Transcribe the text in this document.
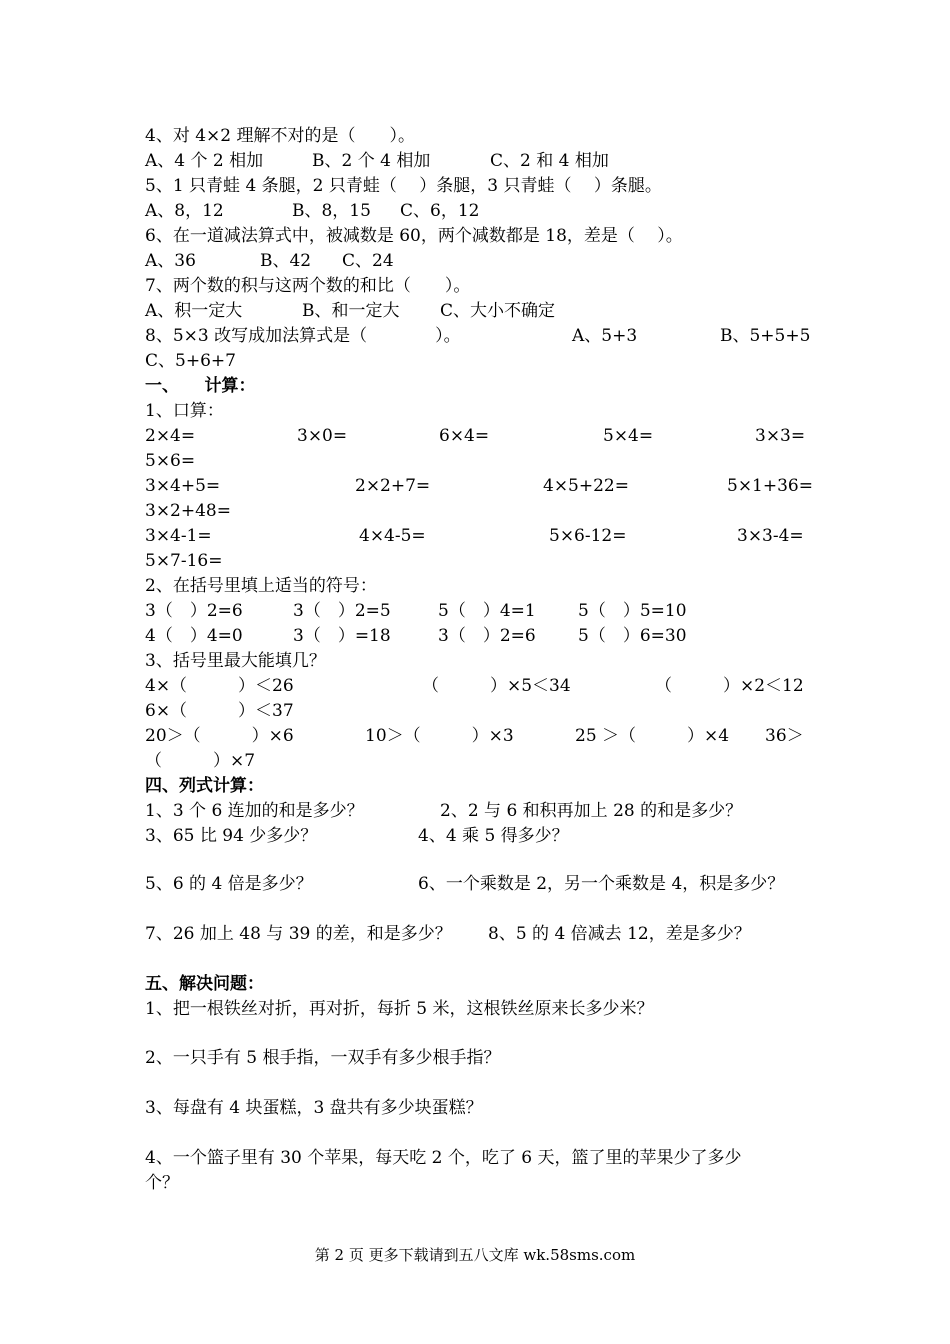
4、对 4×2 理解不对的是（　　）。
A、4 个 2 相加	B、2 个 4 相加	C、2 和 4 相加
5、1 只青蛙 4 条腿，2 只青蛙（　 ）条腿，3 只青蛙（　 ）条腿。
A、8，12	B、8，15 C、6，12
6、在一道减法算式中，被减数是 60，两个减数都是 18，差是（　 ）。
A、36	B、42 C、24
7、两个数的积与这两个数的和比（　　）。
A、积一定大	B、和一定大 C、大小不确定
8、5×3 改写成加法算式是（　　　　）。	A、5+3	B、5+5+5
C、5+6+7
一、　　计算：
1、口算：
2×4=	3×0=	6×4=	5×4=	3×3=
5×6=
3×4+5=	2×2+7=	4×5+22=	5×1+36=
3×2+48=
3×4-1=	4×4-5=	5×6-12=	3×3-4=
5×7-16=
2、在括号里填上适当的符号：
3（　）2=6	3（　）2=5	5（　）4=1 5（　）5=10
4（　）4=0	3（　）=18	3（　）2=6 5（　）6=30
3、括号里最大能填几？
4×（　　　）＜26	（　　　）×5＜34	（　　　）×2＜12
6×（　　　）＜37
20＞（　　　）×6	10＞（　　　）×3	25 ＞（　　　）×4 36＞
（　　　）×7
四、列式计算：
1、3 个 6 连加的和是多少？	2、2 与 6 和积再加上 28 的和是多少？
3、65 比 94 少多少？	4、4 乘 5 得多少？
5、6 的 4 倍是多少？	6、一个乘数是 2，另一个乘数是 4，积是多少？
7、26 加上 48 与 39 的差，和是多少？ 8、5 的 4 倍减去 12，差是多少？
五、解决问题：
1、把一根铁丝对折，再对折，每折 5 米，这根铁丝原来长多少米？
2、一只手有 5 根手指，一双手有多少根手指？
3、每盘有 4 块蛋糕，3 盘共有多少块蛋糕？
4、一个篮子里有 30 个苹果，每天吃 2 个，吃了 6 天，篮了里的苹果少了多少
个？
第 2 页 更多下载请到五八文库 wk.58sms.com
